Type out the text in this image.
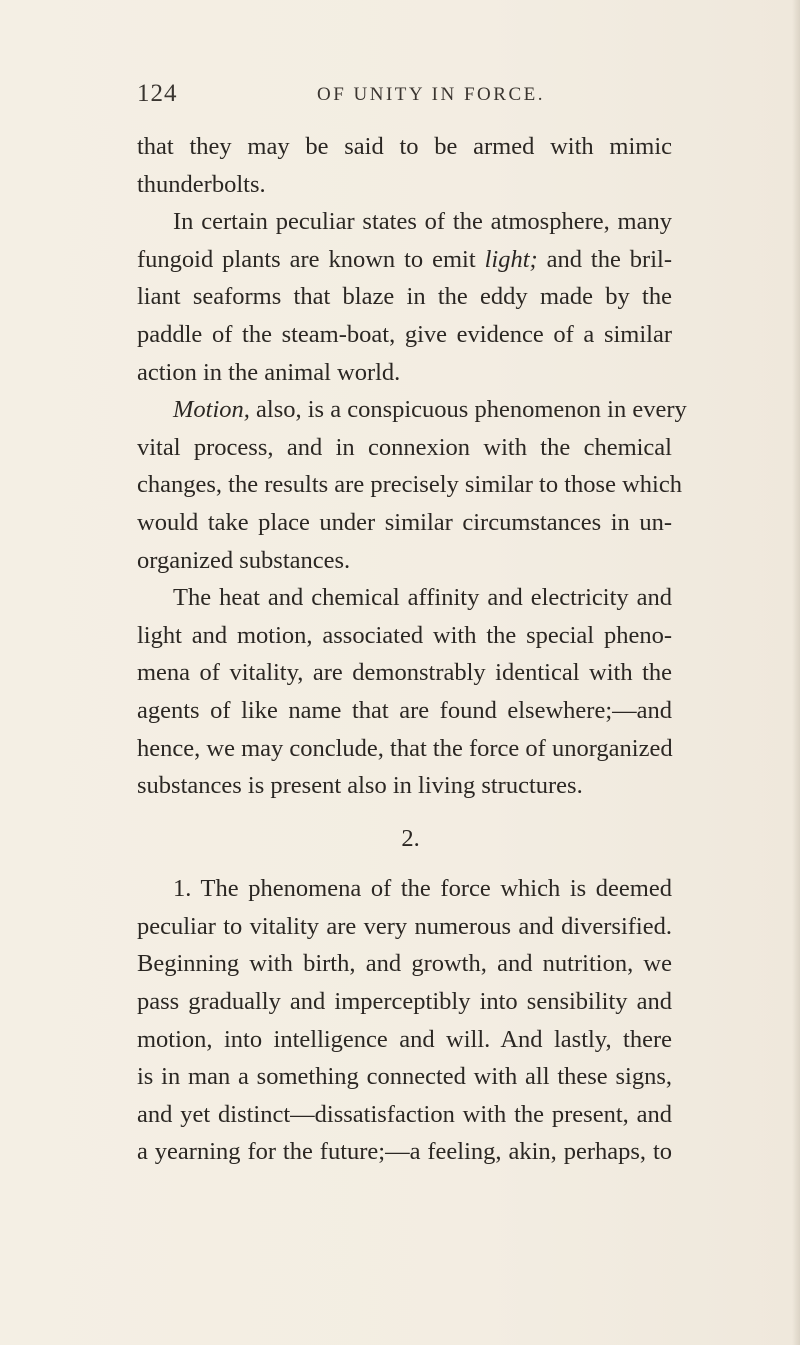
124	OF UNITY IN FORCE.
that they may be said to be armed with mimic
thunderbolts.
In certain peculiar states of the atmosphere, many
fungoid plants are known to emit light; and the bril-
liant seaforms that blaze in the eddy made by the
paddle of the steam-boat, give evidence of a similar
action in the animal world.
Motion, also, is a conspicuous phenomenon in every
vital process, and in connexion with the chemical
changes, the results are precisely similar to those which
would take place under similar circumstances in un-
organized substances.
The heat and chemical affinity and electricity and
light and motion, associated with the special pheno-
mena of vitality, are demonstrably identical with the
agents of like name that are found elsewhere;—and
hence, we may conclude, that the force of unorganized
substances is present also in living structures.
2.
1. The phenomena of the force which is deemed
peculiar to vitality are very numerous and diversified.
Beginning with birth, and growth, and nutrition, we
pass gradually and imperceptibly into sensibility and
motion, into intelligence and will. And lastly, there
is in man a something connected with all these signs,
and yet distinct—dissatisfaction with the present, and
a yearning for the future;—a feeling, akin, perhaps, to
